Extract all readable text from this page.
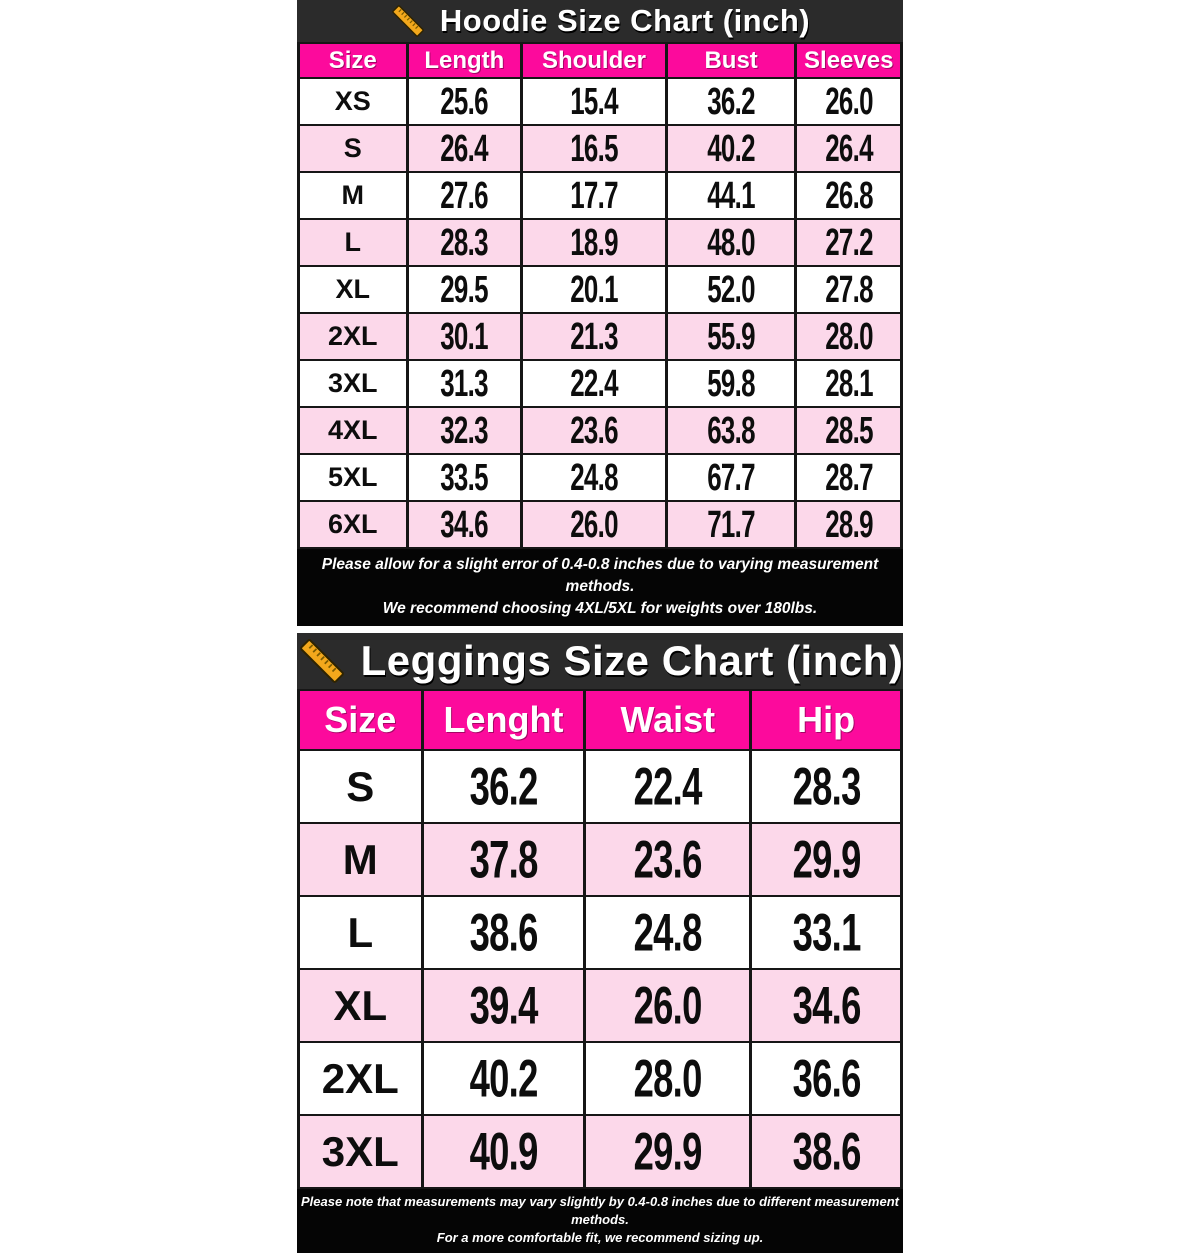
Hoodie Size Chart (inch)
Size	Length	Shoulder	Bust	Sleeves
XS	25.6	15.4	36.2	26.0
S	26.4	16.5	40.2	26.4
M	27.6	17.7	44.1	26.8
L	28.3	18.9	48.0	27.2
XL	29.5	20.1	52.0	27.8
2XL	30.1	21.3	55.9	28.0
3XL	31.3	22.4	59.8	28.1
4XL	32.3	23.6	63.8	28.5
5XL	33.5	24.8	67.7	28.7
6XL	34.6	26.0	71.7	28.9
Please allow for a slight error of 0.4-0.8 inches due to varying measurement methods.
We recommend choosing 4XL/5XL for weights over 180lbs.
Leggings Size Chart (inch)
Size	Lenght	Waist	Hip
S	36.2	22.4	28.3
M	37.8	23.6	29.9
L	38.6	24.8	33.1
XL	39.4	26.0	34.6
2XL	40.2	28.0	36.6
3XL	40.9	29.9	38.6
Please note that measurements may vary slightly by 0.4-0.8 inches due to different measurement methods.
For a more comfortable fit, we recommend sizing up.
